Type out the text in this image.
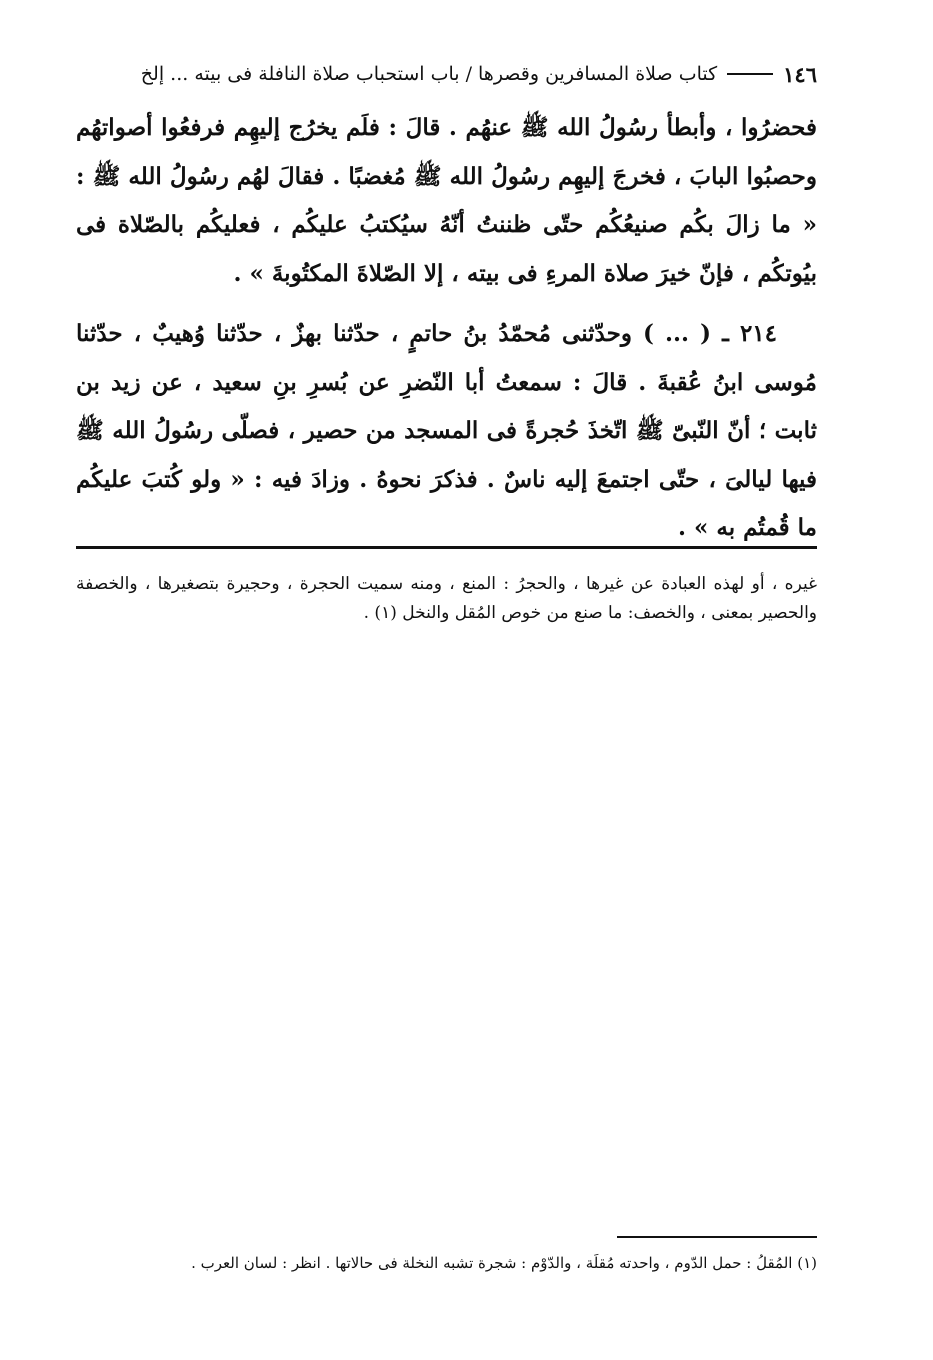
١٤٦
كتاب صلاة المسافرين وقصرها / باب استحباب صلاة النافلة فى بيته ... إلخ

فحضرُوا ، وأبطأ رسُولُ الله ﷺ عنهُم . قالَ : فلَم يخرُج إليهِم فرفعُوا أصواتهُم وحصبُوا البابَ ، فخرجَ إليهِم رسُولُ الله ﷺ مُغضبًا . فقالَ لهُم رسُولُ الله ﷺ : « ما زالَ بكُم صنيعُكُم حتّى ظننتُ أنّهُ سيُكتبُ عليكُم ، فعليكُم بالصّلاة فى بيُوتكُم ، فإنّ خيرَ صلاة المرءِ فى بيته ، إلا الصّلاةَ المكتُوبةَ » .

٢١٤ ـ ( ... ) وحدّثنى مُحمّدُ بنُ حاتمٍ ، حدّثنا بهزٌ ، حدّثنا وُهيبٌ ، حدّثنا مُوسى ابنُ عُقبةَ . قالَ : سمعتُ أبا النّضرِ عن بُسرِ بنِ سعيد ، عن زيد بن ثابت ؛ أنّ النّبىّ ﷺ اتّخذَ حُجرةً فى المسجد من حصير ، فصلّى رسُولُ الله ﷺ فيها ليالىَ ، حتّى اجتمعَ إليه ناسٌ . فذكرَ نحوهُ . وزادَ فيه : « ولو كُتبَ عليكُم ما قُمتُم به » .

غيره ، أو لهذه العبادة عن غيرها ، والحجرُ : المنع ، ومنه سميت الحجرة ، وحجيرة بتصغيرها ، والخصفة والحصير بمعنى ، والخصف: ما صنع من خوص المُقل والنخل (١) .

(١) المُقلُ : حمل الدّوم ، واحدته مُقلَة ، والدّوْم : شجرة تشبه النخلة فى حالاتها . انظر : لسان العرب .
